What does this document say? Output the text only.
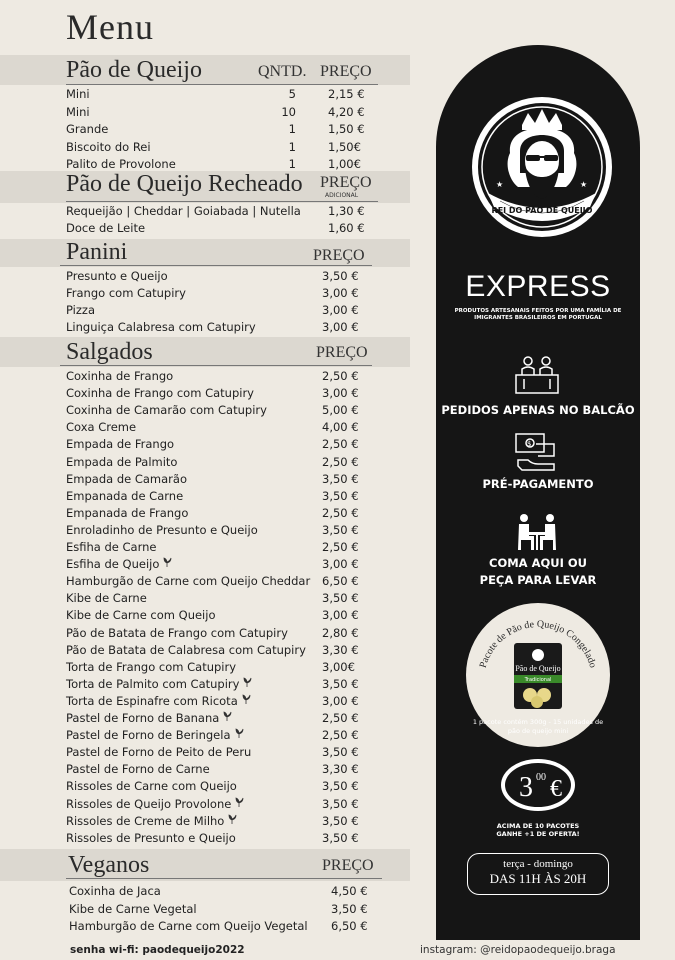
Menu
Pão de Queijo	QNTD. PREÇO
Mini	5	2,15 €
Mini	10	4,20 €
Grande	1	1,50 €
Biscoito do Rei	1	1,50€
Palito de Provolone	1	1,00€
Pão de Queijo Recheado PREÇO
ADICIONAL
Requeijão | Cheddar | Goiabada | Nutella 1,30 €
Doce de Leite	1,60 €
Panini	PREÇO
Presunto e Queijo	3,50 €
Frango com Catupiry	3,00 €
Pizza	3,00 €
Linguiça Calabresa com Catupiry	3,00 €
Salgados	PREÇO
Coxinha de Frango	2,50 €
Coxinha de Frango com Catupiry	3,00 €
Coxinha de Camarão com Catupiry	5,00 €
Coxa Creme	4,00 €
Empada de Frango	2,50 €
Empada de Palmito	2,50 €
Empada de Camarão	3,50 €
Empanada de Carne	3,50 €
Empanada de Frango	2,50 €
Enroladinho de Presunto e Queijo	3,50 €
Esfiha de Carne	2,50 €
Esfiha de Queijo	3,00 €
Hamburgão de Carne com Queijo Cheddar 6,50 €
Kibe de Carne	3,50 €
Kibe de Carne com Queijo	3,00 €
Pão de Batata de Frango com Catupiry	2,80 €
Pão de Batata de Calabresa com Catupiry 3,30 €
Torta de Frango com Catupiry	3,00€
Torta de Palmito com Catupiry	3,50 €
Torta de Espinafre com Ricota	3,00 €
Pastel de Forno de Banana	2,50 €
Pastel de Forno de Beringela	2,50 €
Pastel de Forno de Peito de Peru	3,50 €
Pastel de Forno de Carne	3,30 €
Rissoles de Carne com Queijo	3,50 €
Rissoles de Queijo Provolone	3,50 €
Rissoles de Creme de Milho	3,50 €
Rissoles de Presunto e Queijo	3,50 €
Veganos	PREÇO
Coxinha de Jaca	4,50 €
Kibe de Carne Vegetal	3,50 €
Hamburgão de Carne com Queijo Vegetal 6,50 €
senha wi-fi: paodequeijo2022	instagram: @reidopaodequeijo.braga
REI DO PÃO DE QUEIJO
★	★
EXPRESS
PRODUTOS ARTESANAIS FEITOS POR UMA FAMÍLIA DE IMIGRANTES BRASILEIROS EM PORTUGAL
PEDIDOS APENAS NO BALCÃO
$
PRÉ-PAGAMENTO
COMA AQUI OU
PEÇA PARA LEVAR
Pacote de Pão de Queijo Congelado
Pão de Queijo
Tradicional
1 pacote contém 300g - 15 unidades de pão de queijo mini
3 00 €
ACIMA DE 10 PACOTES
GANHE +1 DE OFERTA!
terça - domingo
DAS 11H ÀS 20H
